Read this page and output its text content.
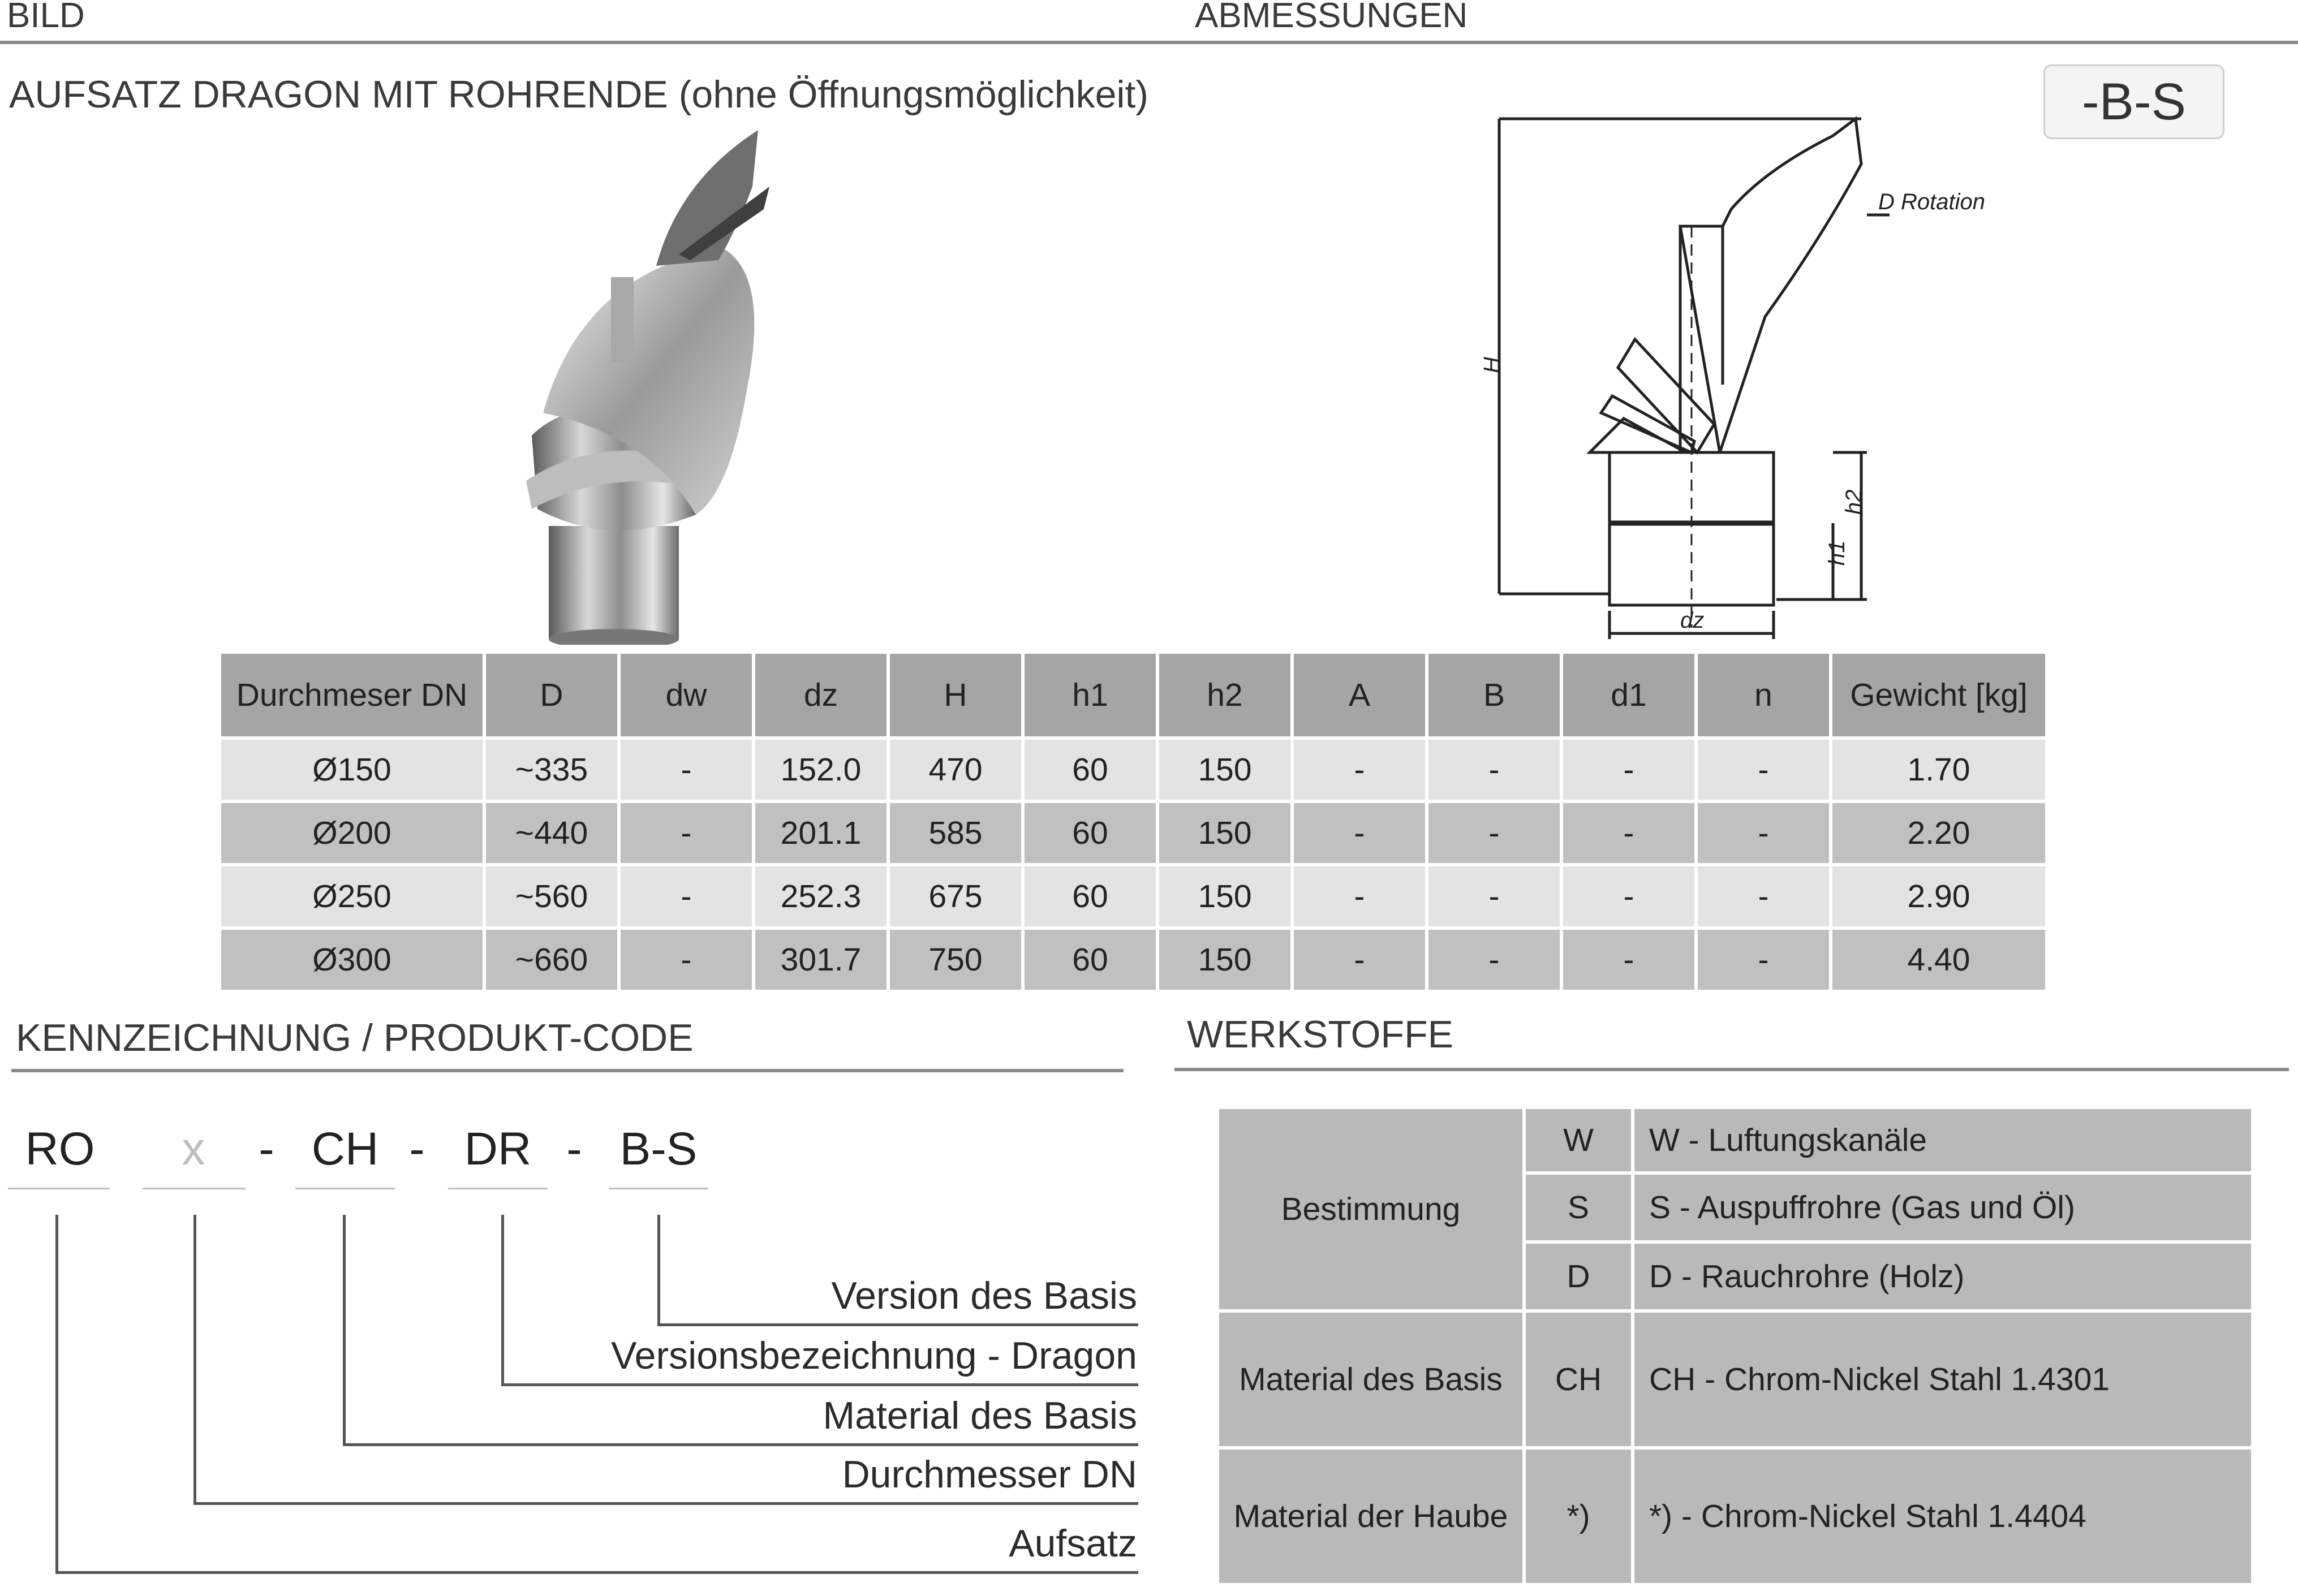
BILD	ABMESSUNGEN
AUFSATZ DRAGON MIT ROHRENDE (ohne Öffnungsmöglichkeit)	-B-S
D Rotation
H
h1
h2
dz
Durchmeser DN	D	dw	dz	H	h1	h2	A	B	d1	n	Gewicht [kg]
Ø150	~335	-	152.0	470	60	150	-	-	-	-	1.70
Ø200	~440	-	201.1	585	60	150	-	-	-	-	2.20
Ø250	~560	-	252.3	675	60	150	-	-	-	-	2.90
Ø300	~660	-	301.7	750	60	150	-	-	-	-	4.40
KENNZEICHNUNG / PRODUKT-CODE
RO	x	- CH - DR - B-S
Version des Basis
Versionsbezeichnung - Dragon
Material des Basis
Durchmesser DN
Aufsatz
WERKSTOFFE
Bestimmung	W	W - Luftungskanäle
	S	S - Auspuffrohre (Gas und Öl)
	D	D - Rauchrohre (Holz)
Material des Basis	CH	CH - Chrom-Nickel Stahl 1.4301
Material der Haube	*)	*) - Chrom-Nickel Stahl 1.4404
